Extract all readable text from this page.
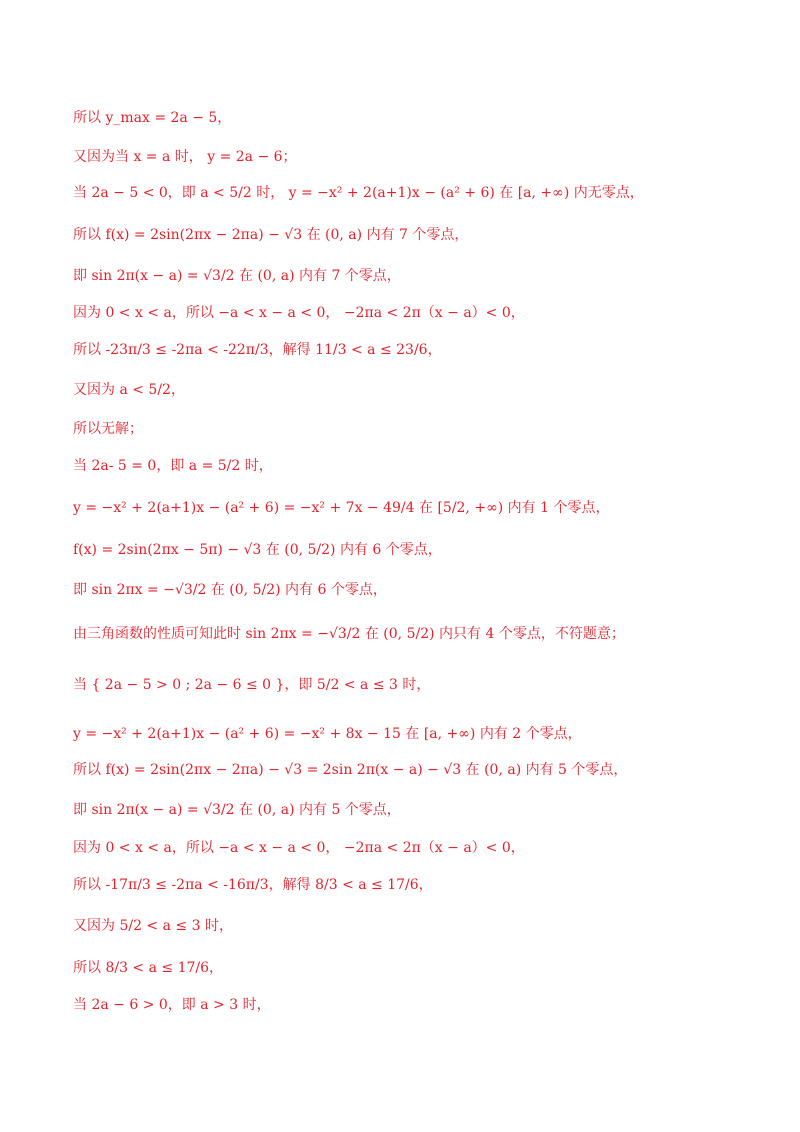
所以 y_max = 2a − 5，
又因为当 x = a 时， y = 2a − 6；
当 2a − 5 < 0，即 a < 5/2 时， y = −x² + 2(a+1)x − (a² + 6) 在 [a, +∞) 内无零点，
所以 f(x) = 2sin(2πx − 2πa) − √3 在 (0, a) 内有 7 个零点，
即 sin 2π(x − a) = √3/2 在 (0, a) 内有 7 个零点，
因为 0 < x < a，所以 −a < x − a < 0， −2πa < 2π（x − a）< 0，
所以 -23π/3 ≤ -2πa < -22π/3，解得 11/3 < a ≤ 23/6，
又因为 a < 5/2，
所以无解；
当 2a- 5 = 0，即 a = 5/2 时，
y = −x² + 2(a+1)x − (a² + 6) = −x² + 7x − 49/4 在 [5/2, +∞) 内有 1 个零点，
f(x) = 2sin(2πx − 5π) − √3 在 (0, 5/2) 内有 6 个零点，
即 sin 2πx = −√3/2 在 (0, 5/2) 内有 6 个零点，
由三角函数的性质可知此时 sin 2πx = −√3/2 在 (0, 5/2) 内只有 4 个零点，不符题意；
当 { 2a − 5 > 0 ; 2a − 6 ≤ 0 }，即 5/2 < a ≤ 3 时，
y = −x² + 2(a+1)x − (a² + 6) = −x² + 8x − 15 在 [a, +∞) 内有 2 个零点，
所以 f(x) = 2sin(2πx − 2πa) − √3 = 2sin 2π(x − a) − √3 在 (0, a) 内有 5 个零点，
即 sin 2π(x − a) = √3/2 在 (0, a) 内有 5 个零点，
因为 0 < x < a，所以 −a < x − a < 0， −2πa < 2π（x − a）< 0，
所以 -17π/3 ≤ -2πa < -16π/3，解得 8/3 < a ≤ 17/6，
又因为 5/2 < a ≤ 3 时，
所以 8/3 < a ≤ 17/6，
当 2a − 6 > 0，即 a > 3 时，
